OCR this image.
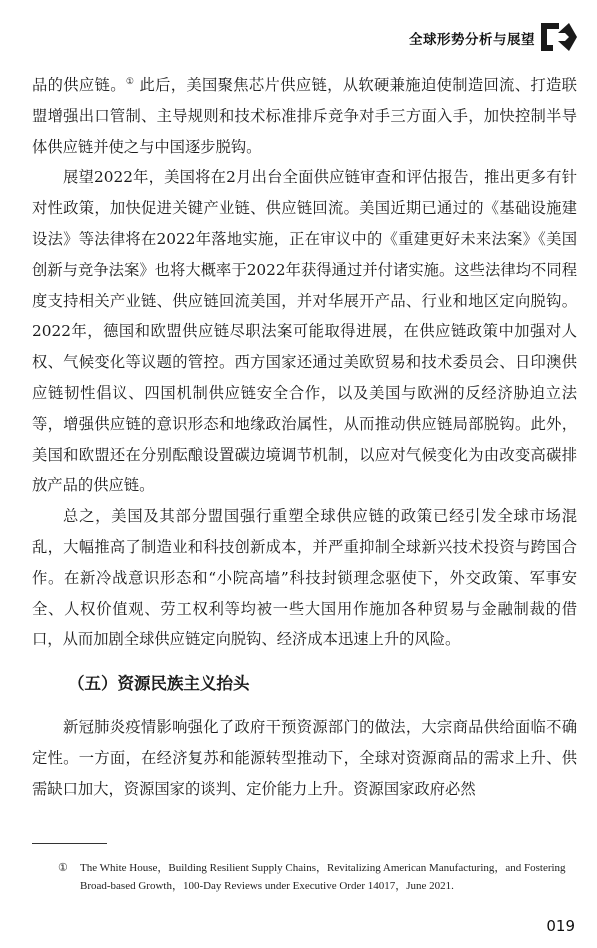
全球形势分析与展望

品的供应链。① 此后，美国聚焦芯片供应链，从软硬兼施迫使制造回流、打造联盟增强出口管制、主导规则和技术标准排斥竞争对手三方面入手，加快控制半导体供应链并使之与中国逐步脱钩。

展望2022年，美国将在2月出台全面供应链审查和评估报告，推出更多有针对性政策，加快促进关键产业链、供应链回流。美国近期已通过的《基础设施建设法》等法律将在2022年落地实施，正在审议中的《重建更好未来法案》《美国创新与竞争法案》也将大概率于2022年获得通过并付诸实施。这些法律均不同程度支持相关产业链、供应链回流美国，并对华展开产品、行业和地区定向脱钩。2022年，德国和欧盟供应链尽职法案可能取得进展，在供应链政策中加强对人权、气候变化等议题的管控。西方国家还通过美欧贸易和技术委员会、日印澳供应链韧性倡议、四国机制供应链安全合作，以及美国与欧洲的反经济胁迫立法等，增强供应链的意识形态和地缘政治属性，从而推动供应链局部脱钩。此外，美国和欧盟还在分别酝酿设置碳边境调节机制，以应对气候变化为由改变高碳排放产品的供应链。

总之，美国及其部分盟国强行重塑全球供应链的政策已经引发全球市场混乱，大幅推高了制造业和科技创新成本，并严重抑制全球新兴技术投资与跨国合作。在新冷战意识形态和“小院高墙”科技封锁理念驱使下，外交政策、军事安全、人权价值观、劳工权利等均被一些大国用作施加各种贸易与金融制裁的借口，从而加剧全球供应链定向脱钩、经济成本迅速上升的风险。

（五）资源民族主义抬头

新冠肺炎疫情影响强化了政府干预资源部门的做法，大宗商品供给面临不确定性。一方面，在经济复苏和能源转型推动下，全球对资源商品的需求上升、供需缺口加大，资源国家的谈判、定价能力上升。资源国家政府必然

① The White House，Building Resilient Supply Chains，Revitalizing American Manufacturing，and Fostering Broad-based Growth，100-Day Reviews under Executive Order 14017，June 2021.
019
